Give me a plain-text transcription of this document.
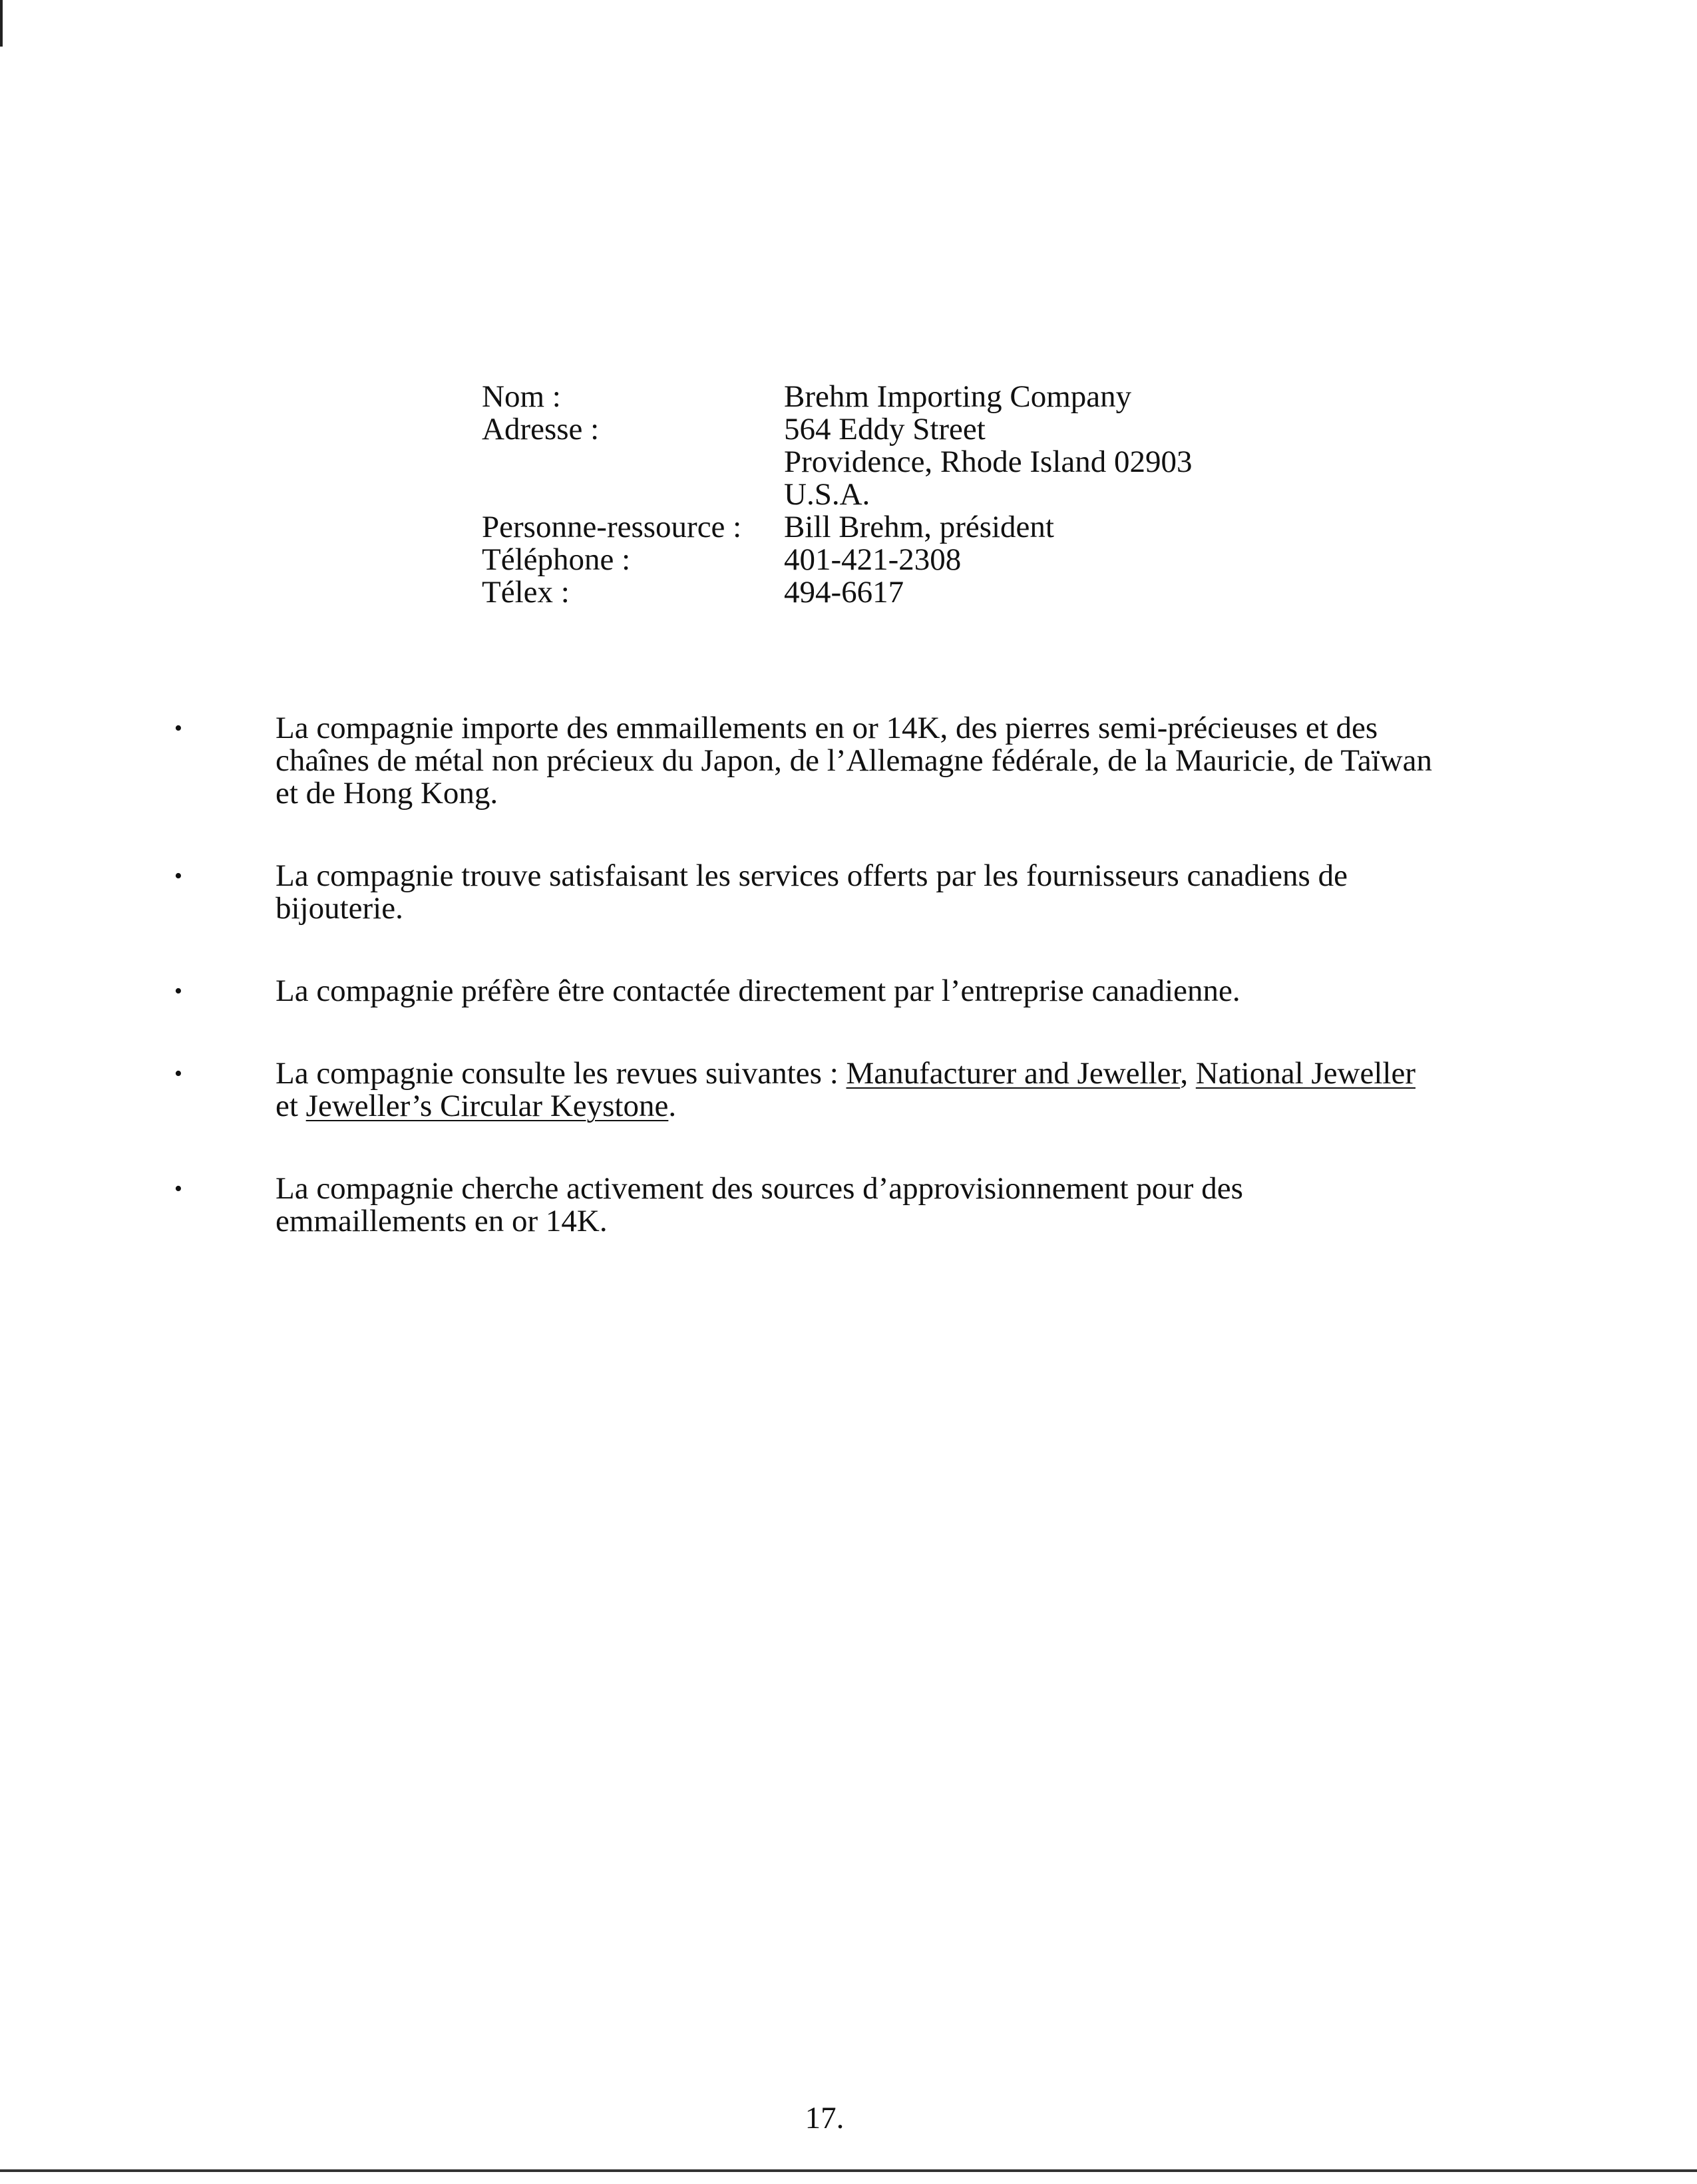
Nom :	Brehm Importing Company
Adresse :	564 Eddy Street
Providence, Rhode Island 02903
U.S.A.
Personne-ressource :	Bill Brehm, président
Téléphone :	401-421-2308
Télex :	494-6617
•	La compagnie importe des emmaillements en or 14K, des pierres semi-précieuses et des chaînes de métal non précieux du Japon, de l’Allemagne fédérale, de la Mauricie, de Taïwan et de Hong Kong.
•	La compagnie trouve satisfaisant les services offerts par les fournisseurs canadiens de bijouterie.
•	La compagnie préfère être contactée directement par l’entreprise canadienne.
•	La compagnie consulte les revues suivantes : Manufacturer and Jeweller, National Jeweller et Jeweller’s Circular Keystone.
•	La compagnie cherche activement des sources d’approvisionnement pour des emmaillements en or 14K.
17.
